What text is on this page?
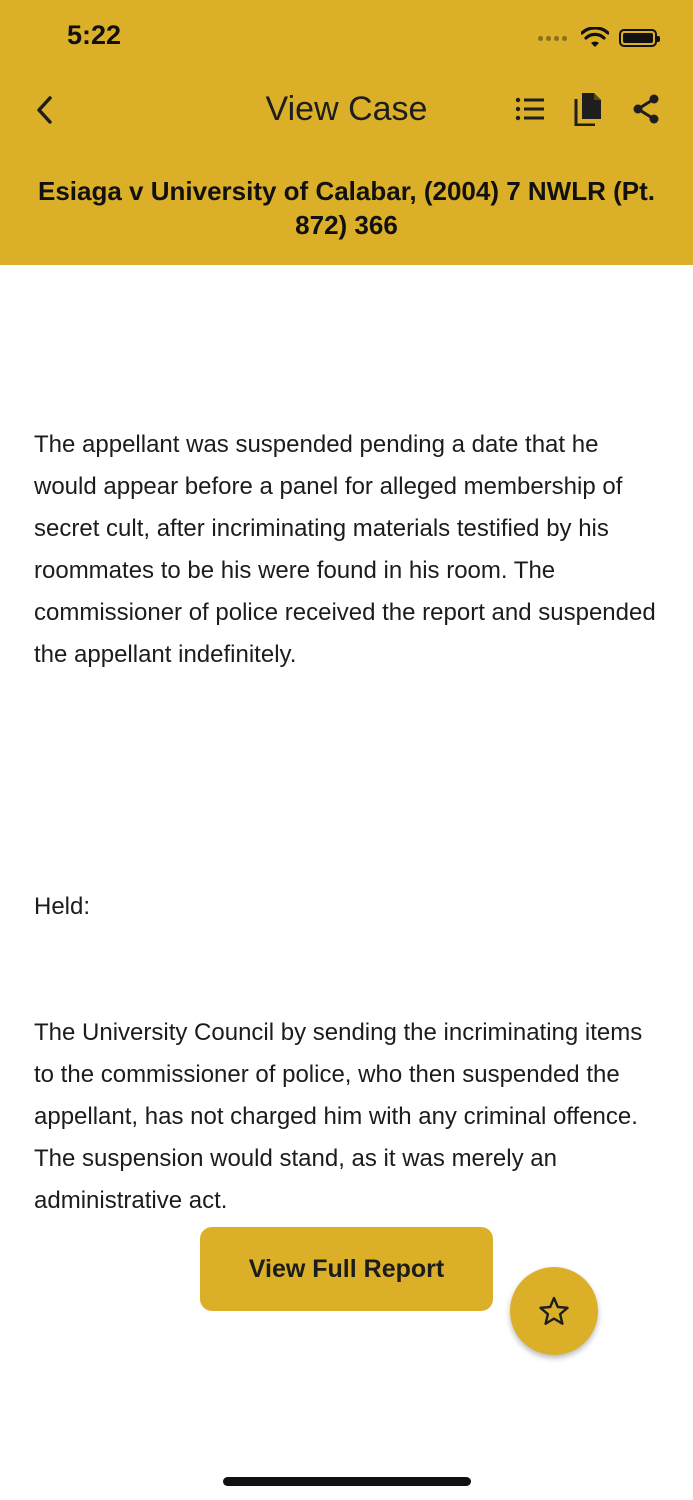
5:22
View Case
Esiaga v University of Calabar, (2004) 7 NWLR (Pt. 872) 366

The appellant was suspended pending a date that he would appear before a panel for alleged membership of secret cult, after incriminating materials testified by his roommates to be his were found in his room. The commissioner of police received the report and suspended the appellant indefinitely.

Held:

The University Council by sending the incriminating items to the commissioner of police, who then suspended the appellant, has not charged him with any criminal offence. The suspension would stand, as it was merely an administrative act.

View Full Report
